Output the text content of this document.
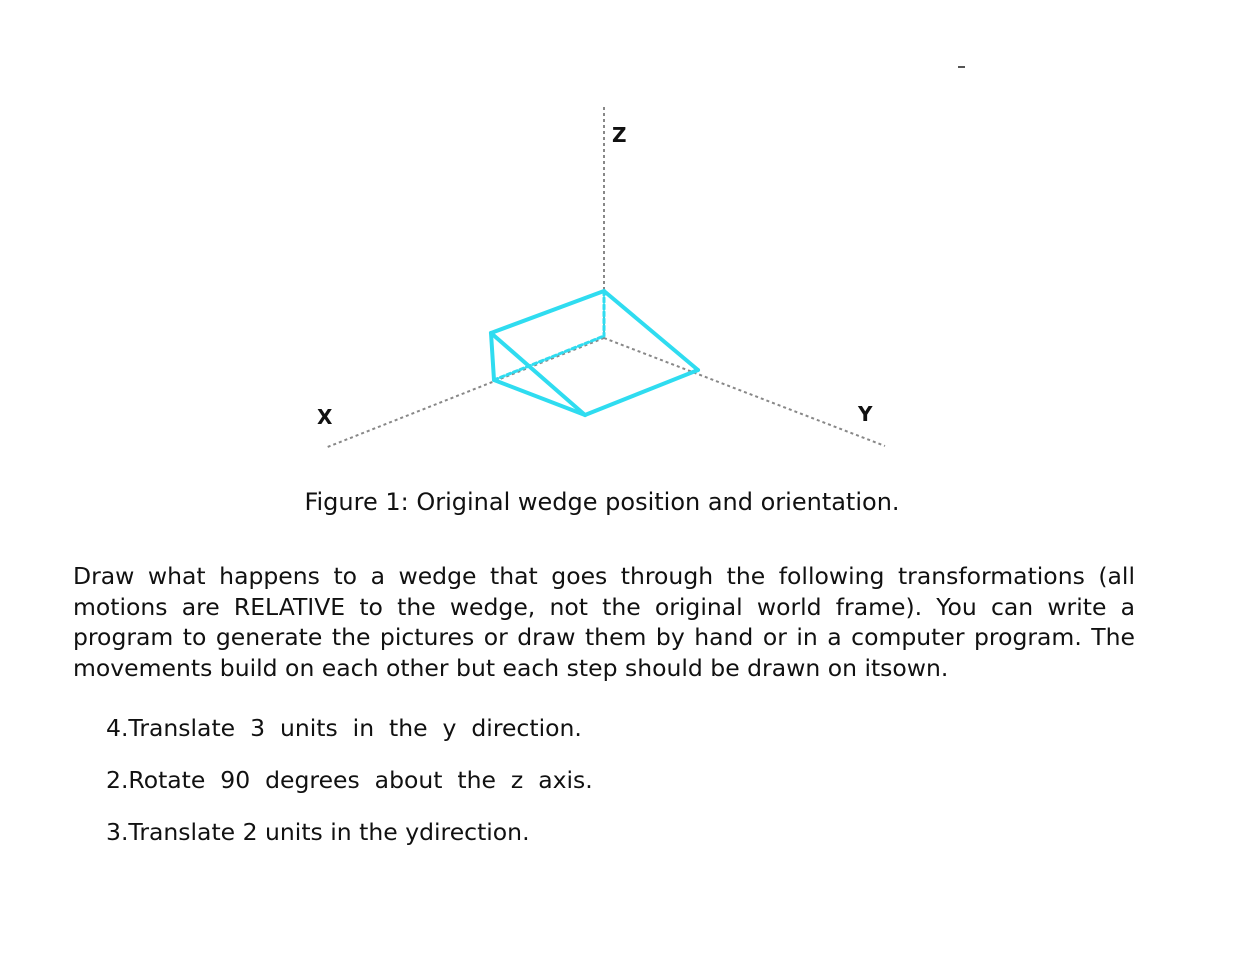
Z
X	Y
Figure 1: Original wedge position and orientation.
Draw what happens to a wedge that goes through the following transformations (all motions are RELATIVE to the wedge, not the original world frame). You can write a program to generate the pictures or draw them by hand or in a computer program. The movements build on each other but each step should be drawn on itsown.
4.Translate  3  units  in  the  y  direction.
2.Rotate  90  degrees  about  the  z  axis.
3.Translate 2 units in the ydirection.
